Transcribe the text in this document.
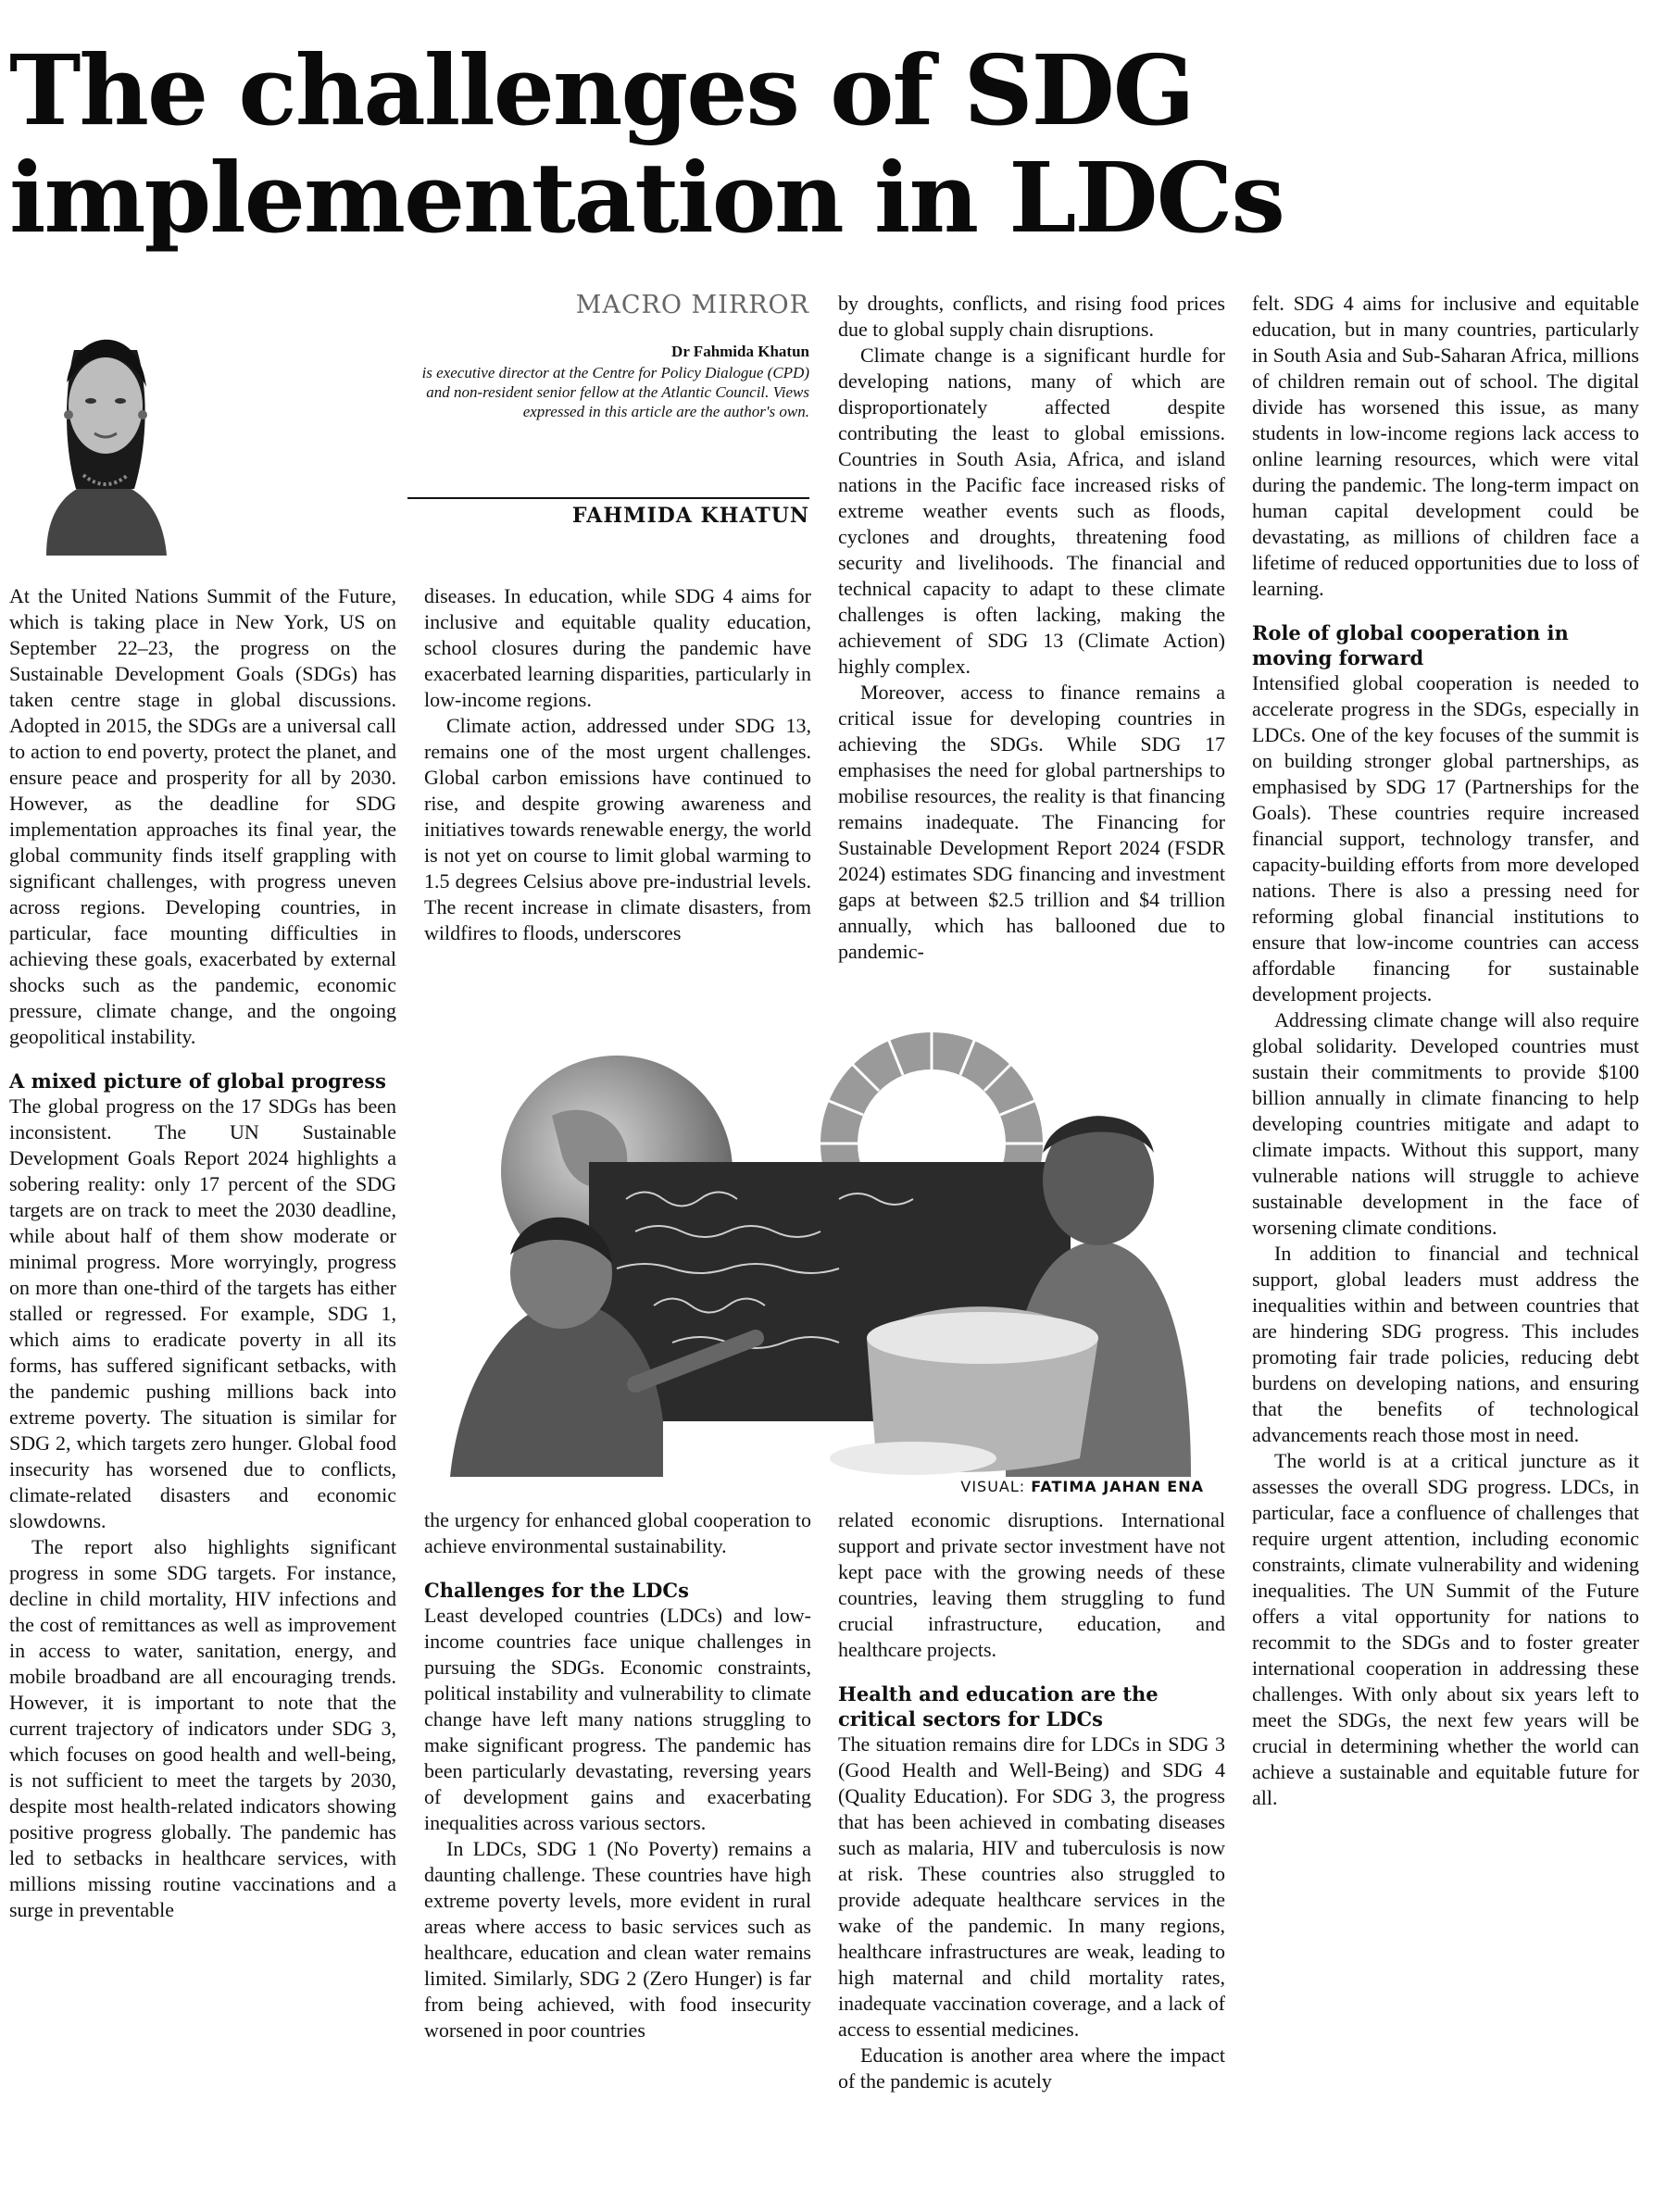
The challenges of SDG implementation in LDCs
MACRO MIRROR
Dr Fahmida Khatun
is executive director at the Centre for Policy Dialogue (CPD) and non-resident senior fellow at the Atlantic Council. Views expressed in this article are the author's own.
FAHMIDA KHATUN

At the United Nations Summit of the Future, which is taking place in New York, US on September 22–23, the progress on the Sustainable Development Goals (SDGs) has taken centre stage in global discussions. Adopted in 2015, the SDGs are a universal call to action to end poverty, protect the planet, and ensure peace and prosperity for all by 2030. However, as the deadline for SDG implementation approaches its final year, the global community finds itself grappling with significant challenges, with progress uneven across regions. Developing countries, in particular, face mounting difficulties in achieving these goals, exacerbated by external shocks such as the pandemic, economic pressure, climate change, and the ongoing geopolitical instability.

A mixed picture of global progress

The global progress on the 17 SDGs has been inconsistent. The UN Sustainable Development Goals Report 2024 highlights a sobering reality: only 17 percent of the SDG targets are on track to meet the 2030 deadline, while about half of them show moderate or minimal progress. More worryingly, progress on more than one-third of the targets has either stalled or regressed. For example, SDG 1, which aims to eradicate poverty in all its forms, has suffered significant setbacks, with the pandemic pushing millions back into extreme poverty. The situation is similar for SDG 2, which targets zero hunger. Global food insecurity has worsened due to conflicts, climate-related disasters and economic slowdowns.

The report also highlights significant progress in some SDG targets. For instance, decline in child mortality, HIV infections and the cost of remittances as well as improvement in access to water, sanitation, energy, and mobile broadband are all encouraging trends. However, it is important to note that the current trajectory of indicators under SDG 3, which focuses on good health and well-being, is not sufficient to meet the targets by 2030, despite most health-related indicators showing positive progress globally. The pandemic has led to setbacks in healthcare services, with millions missing routine vaccinations and a surge in preventable

diseases. In education, while SDG 4 aims for inclusive and equitable quality education, school closures during the pandemic have exacerbated learning disparities, particularly in low-income regions.

Climate action, addressed under SDG 13, remains one of the most urgent challenges. Global carbon emissions have continued to rise, and despite growing awareness and initiatives towards renewable energy, the world is not yet on course to limit global warming to 1.5 degrees Celsius above pre-industrial levels. The recent increase in climate disasters, from wildfires to floods, underscores

the urgency for enhanced global cooperation to achieve environmental sustainability.

Challenges for the LDCs

Least developed countries (LDCs) and low-income countries face unique challenges in pursuing the SDGs. Economic constraints, political instability and vulnerability to climate change have left many nations struggling to make significant progress. The pandemic has been particularly devastating, reversing years of development gains and exacerbating inequalities across various sectors.

In LDCs, SDG 1 (No Poverty) remains a daunting challenge. These countries have high extreme poverty levels, more evident in rural areas where access to basic services such as healthcare, education and clean water remains limited. Similarly, SDG 2 (Zero Hunger) is far from being achieved, with food insecurity worsened in poor countries

by droughts, conflicts, and rising food prices due to global supply chain disruptions.

Climate change is a significant hurdle for developing nations, many of which are disproportionately affected despite contributing the least to global emissions. Countries in South Asia, Africa, and island nations in the Pacific face increased risks of extreme weather events such as floods, cyclones and droughts, threatening food security and livelihoods. The financial and technical capacity to adapt to these climate challenges is often lacking, making the achievement of SDG 13 (Climate Action) highly complex.

Moreover, access to finance remains a critical issue for developing countries in achieving the SDGs. While SDG 17 emphasises the need for global partnerships to mobilise resources, the reality is that financing remains inadequate. The Financing for Sustainable Development Report 2024 (FSDR 2024) estimates SDG financing and investment gaps at between $2.5 trillion and $4 trillion annually, which has ballooned due to pandemic-

related economic disruptions. International support and private sector investment have not kept pace with the growing needs of these countries, leaving them struggling to fund crucial infrastructure, education, and healthcare projects.

Health and education are the critical sectors for LDCs

The situation remains dire for LDCs in SDG 3 (Good Health and Well-Being) and SDG 4 (Quality Education). For SDG 3, the progress that has been achieved in combating diseases such as malaria, HIV and tuberculosis is now at risk. These countries also struggled to provide adequate healthcare services in the wake of the pandemic. In many regions, healthcare infrastructures are weak, leading to high maternal and child mortality rates, inadequate vaccination coverage, and a lack of access to essential medicines.

Education is another area where the impact of the pandemic is acutely

felt. SDG 4 aims for inclusive and equitable education, but in many countries, particularly in South Asia and Sub-Saharan Africa, millions of children remain out of school. The digital divide has worsened this issue, as many students in low-income regions lack access to online learning resources, which were vital during the pandemic. The long-term impact on human capital development could be devastating, as millions of children face a lifetime of reduced opportunities due to loss of learning.

Role of global cooperation in moving forward

Intensified global cooperation is needed to accelerate progress in the SDGs, especially in LDCs. One of the key focuses of the summit is on building stronger global partnerships, as emphasised by SDG 17 (Partnerships for the Goals). These countries require increased financial support, technology transfer, and capacity-building efforts from more developed nations. There is also a pressing need for reforming global financial institutions to ensure that low-income countries can access affordable financing for sustainable development projects.

Addressing climate change will also require global solidarity. Developed countries must sustain their commitments to provide $100 billion annually in climate financing to help developing countries mitigate and adapt to climate impacts. Without this support, many vulnerable nations will struggle to achieve sustainable development in the face of worsening climate conditions.

In addition to financial and technical support, global leaders must address the inequalities within and between countries that are hindering SDG progress. This includes promoting fair trade policies, reducing debt burdens on developing nations, and ensuring that the benefits of technological advancements reach those most in need.

The world is at a critical juncture as it assesses the overall SDG progress. LDCs, in particular, face a confluence of challenges that require urgent attention, including economic constraints, climate vulnerability and widening inequalities. The UN Summit of the Future offers a vital opportunity for nations to recommit to the SDGs and to foster greater international cooperation in addressing these challenges. With only about six years left to meet the SDGs, the next few years will be crucial in determining whether the world can achieve a sustainable and equitable future for all.

VISUAL: FATIMA JAHAN ENA
